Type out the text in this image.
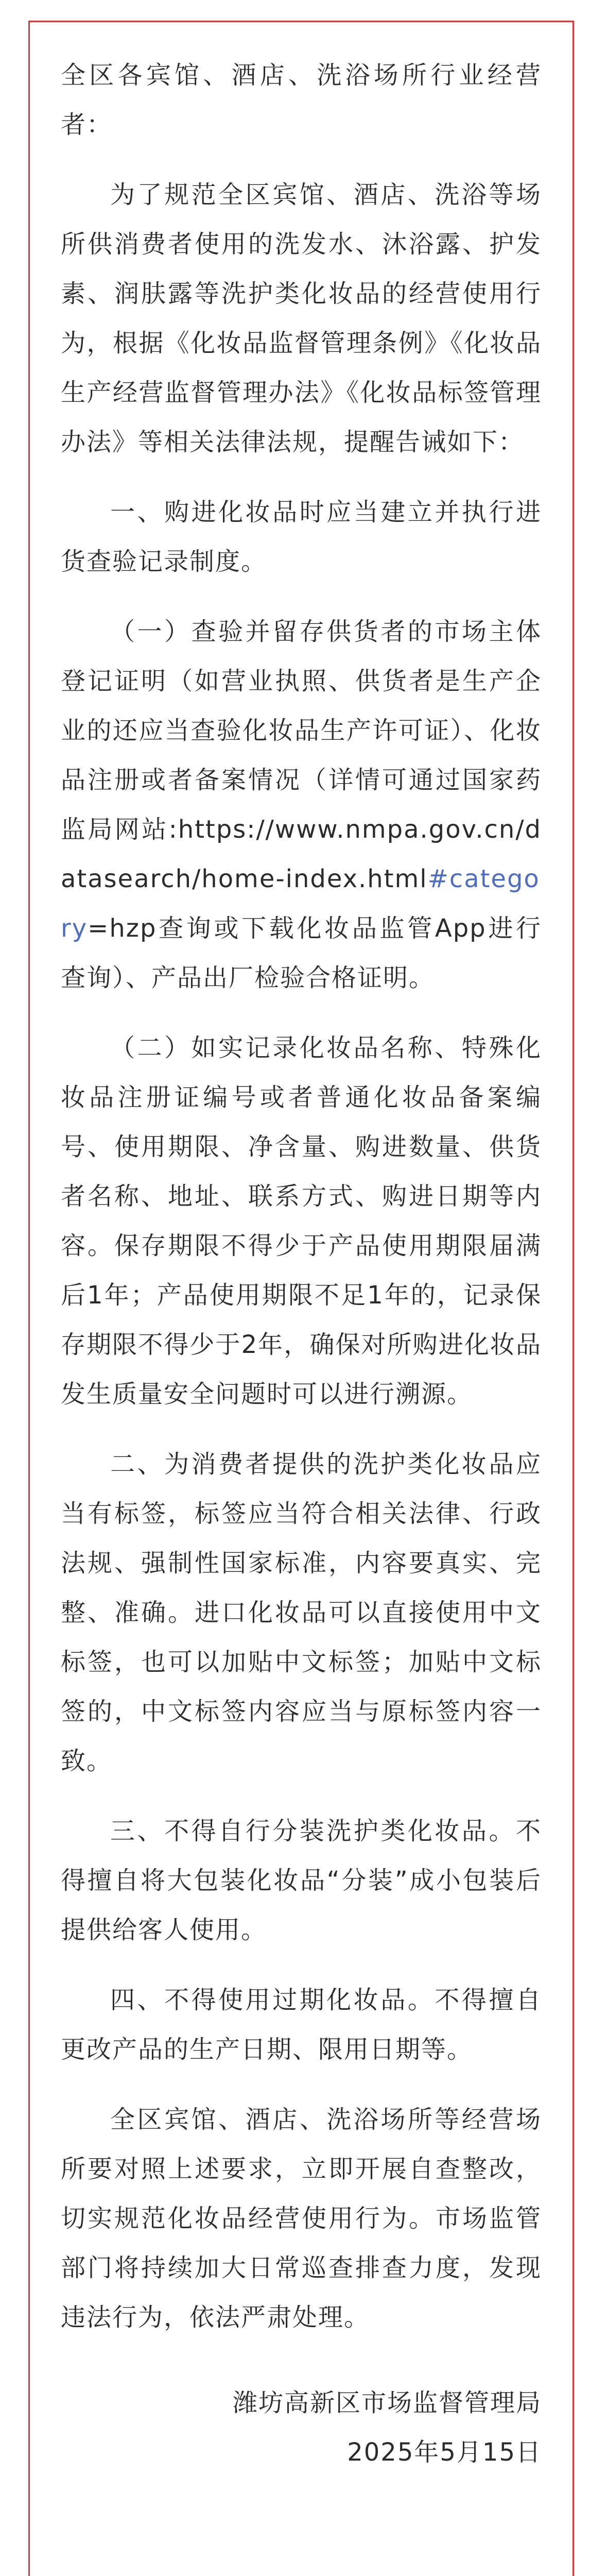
全区各宾馆、酒店、洗浴场所行业经营者：

为了规范全区宾馆、酒店、洗浴等场所供消费者使用的洗发水、沐浴露、护发素、润肤露等洗护类化妆品的经营使用行为，根据《化妆品监督管理条例》《化妆品生产经营监督管理办法》《化妆品标签管理办法》等相关法律法规，提醒告诫如下：

一、购进化妆品时应当建立并执行进货查验记录制度。

（一）查验并留存供货者的市场主体登记证明（如营业执照、供货者是生产企业的还应当查验化妆品生产许可证）、化妆品注册或者备案情况（详情可通过国家药监局网站:https://www.nmpa.gov.cn/datasearch/home-index.html#category=hzp查询或下载化妆品监管App进行查询）、产品出厂检验合格证明。

（二）如实记录化妆品名称、特殊化妆品注册证编号或者普通化妆品备案编号、使用期限、净含量、购进数量、供货者名称、地址、联系方式、购进日期等内容。保存期限不得少于产品使用期限届满后1年；产品使用期限不足1年的，记录保存期限不得少于2年，确保对所购进化妆品发生质量安全问题时可以进行溯源。

二、为消费者提供的洗护类化妆品应当有标签，标签应当符合相关法律、行政法规、强制性国家标准，内容要真实、完整、准确。进口化妆品可以直接使用中文标签，也可以加贴中文标签；加贴中文标签的，中文标签内容应当与原标签内容一致。

三、不得自行分装洗护类化妆品。不得擅自将大包装化妆品“分装”成小包装后提供给客人使用。

四、不得使用过期化妆品。不得擅自更改产品的生产日期、限用日期等。

全区宾馆、酒店、洗浴场所等经营场所要对照上述要求，立即开展自查整改，切实规范化妆品经营使用行为。市场监管部门将持续加大日常巡查排查力度，发现违法行为，依法严肃处理。

潍坊高新区市场监督管理局
2025年5月15日
